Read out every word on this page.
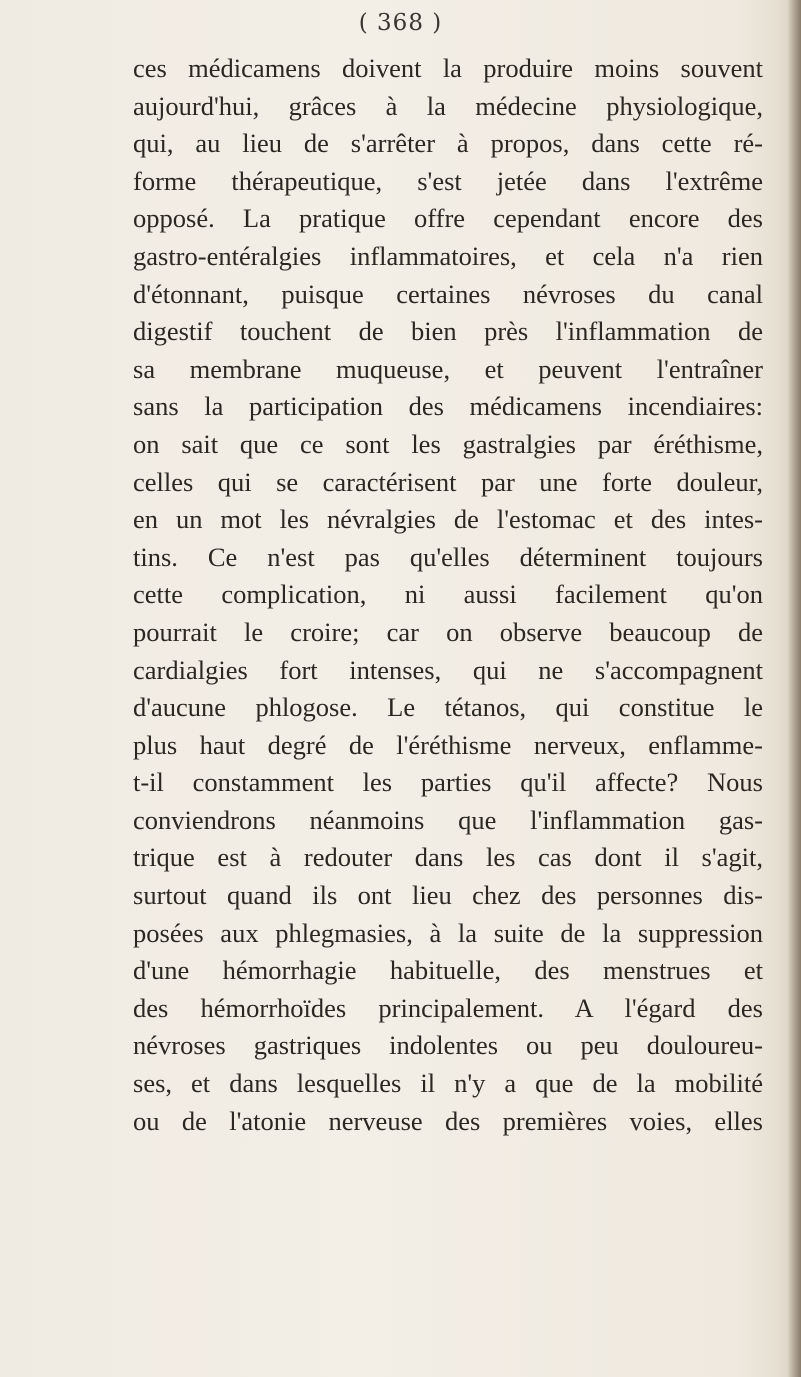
( 368 )
ces médicamens doivent la produire moins souvent
aujourd'hui, grâces à la médecine physiologique,
qui, au lieu de s'arrêter à propos, dans cette ré-
forme thérapeutique, s'est jetée dans l'extrême
opposé. La pratique offre cependant encore des
gastro-entéralgies inflammatoires, et cela n'a rien
d'étonnant, puisque certaines névroses du canal
digestif touchent de bien près l'inflammation de
sa membrane muqueuse, et peuvent l'entraîner
sans la participation des médicamens incendiaires:
on sait que ce sont les gastralgies par éréthisme,
celles qui se caractérisent par une forte douleur,
en un mot les névralgies de l'estomac et des intes-
tins. Ce n'est pas qu'elles déterminent toujours
cette complication, ni aussi facilement qu'on
pourrait le croire; car on observe beaucoup de
cardialgies fort intenses, qui ne s'accompagnent
d'aucune phlogose. Le tétanos, qui constitue le
plus haut degré de l'éréthisme nerveux, enflamme-
t-il constamment les parties qu'il affecte? Nous
conviendrons néanmoins que l'inflammation gas-
trique est à redouter dans les cas dont il s'agit,
surtout quand ils ont lieu chez des personnes dis-
posées aux phlegmasies, à la suite de la suppression
d'une hémorrhagie habituelle, des menstrues et
des hémorrhoïdes principalement. A l'égard des
névroses gastriques indolentes ou peu douloureu-
ses, et dans lesquelles il n'y a que de la mobilité
ou de l'atonie nerveuse des premières voies, elles
